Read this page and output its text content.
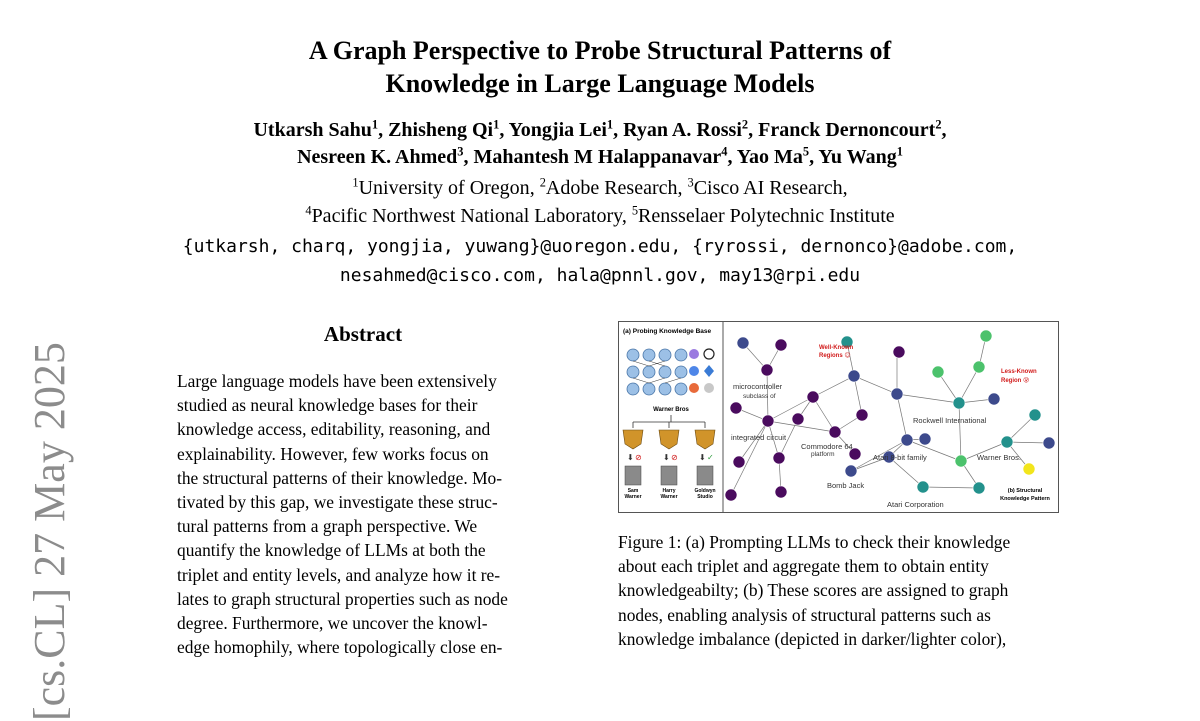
[cs.CL] 27 May 2025
A Graph Perspective to Probe Structural Patterns of
Knowledge in Large Language Models
Utkarsh Sahu$^1$, Zhisheng Qi$^1$, Yongjia Lei$^1$, Ryan A. Rossi$^2$, Franck Dernoncourt$^2$,
Nesreen K. Ahmed$^3$, Mahantesh M Halappanavar$^4$, Yao Ma$^5$, Yu Wang$^1$
$^1$University of Oregon, $^2$Adobe Research, $^3$Cisco AI Research,
$^4$Pacific Northwest National Laboratory, $^5$Rensselaer Polytechnic Institute
{utkarsh, charq, yongjia, yuwang}@uoregon.edu, {ryrossi, dernonco}@adobe.com,
nesahmed@cisco.com, hala@pnnl.gov, may13@rpi.edu
Abstract
Large language models have been extensively
studied as neural knowledge bases for their
knowledge access, editability, reasoning, and
explainability. However, few works focus on
the structural patterns of their knowledge. Mo-
tivated by this gap, we investigate these struc-
tural patterns from a graph perspective. We
quantify the knowledge of LLMs at both the
triplet and entity levels, and analyze how it re-
lates to graph structural properties such as node
degree. Furthermore, we uncover the knowl-
edge homophily, where topologically close en-
(a) Probing Knowledge Base
Warner Bros
⬇ ⊘	⬇ ⊘	⬇ ✓
Sam
Warner
Harry
Warner
Goldwyn
Studio
microcontroller
subclass of
integrated circuit
Commodore 64
platform
Rockwell International
Atari 8-bit family	Warner Bros.
Bomb Jack
Atari Corporation
Well-Known
Regions 😊
Less-Known
Region 😰
(b) Structural
Knowledge Pattern
Figure 1: (a) Prompting LLMs to check their knowledge
about each triplet and aggregate them to obtain entity
knowledgeabilty; (b) These scores are assigned to graph
nodes, enabling analysis of structural patterns such as
knowledge imbalance (depicted in darker/lighter color),
